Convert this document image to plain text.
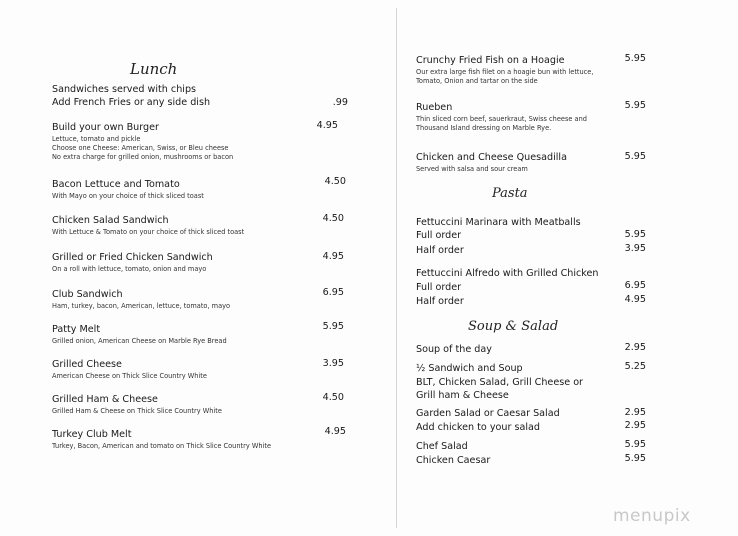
Lunch
Sandwiches served with chips
Add French Fries or any side dish	.99
Build your own Burger	4.95
Lettuce, tomato and pickle
Choose one Cheese: American, Swiss, or Bleu cheese
No extra charge for grilled onion, mushrooms or bacon
Bacon Lettuce and Tomato	4.50
With Mayo on your choice of thick sliced toast
Chicken Salad Sandwich	4.50
With Lettuce & Tomato on your choice of thick sliced toast
Grilled or Fried Chicken Sandwich	4.95
On a roll with lettuce, tomato, onion and mayo
Club Sandwich	6.95
Ham, turkey, bacon, American, lettuce, tomato, mayo
Patty Melt	5.95
Grilled onion, American Cheese on Marble Rye Bread
Grilled Cheese	3.95
American Cheese on Thick Slice Country White
Grilled Ham & Cheese	4.50
Grilled Ham & Cheese on Thick Slice Country White
Turkey Club Melt	4.95
Turkey, Bacon, American and tomato on Thick Slice Country White
Crunchy Fried Fish on a Hoagie	5.95
Our extra large fish filet on a hoagie bun with lettuce,
Tomato, Onion and tartar on the side
Rueben	5.95
Thin sliced corn beef, sauerkraut, Swiss cheese and
Thousand Island dressing on Marble Rye.
Chicken and Cheese Quesadilla	5.95
Served with salsa and sour cream
Pasta
Fettuccini Marinara with Meatballs
Full order	5.95
Half order	3.95
Fettuccini Alfredo with Grilled Chicken
Full order	6.95
Half order	4.95
Soup & Salad
Soup of the day	2.95
½ Sandwich and Soup	5.25
BLT, Chicken Salad, Grill Cheese or
Grill ham & Cheese
Garden Salad or Caesar Salad	2.95
Add chicken to your salad	2.95
Chef Salad	5.95
Chicken Caesar	5.95
menupix
